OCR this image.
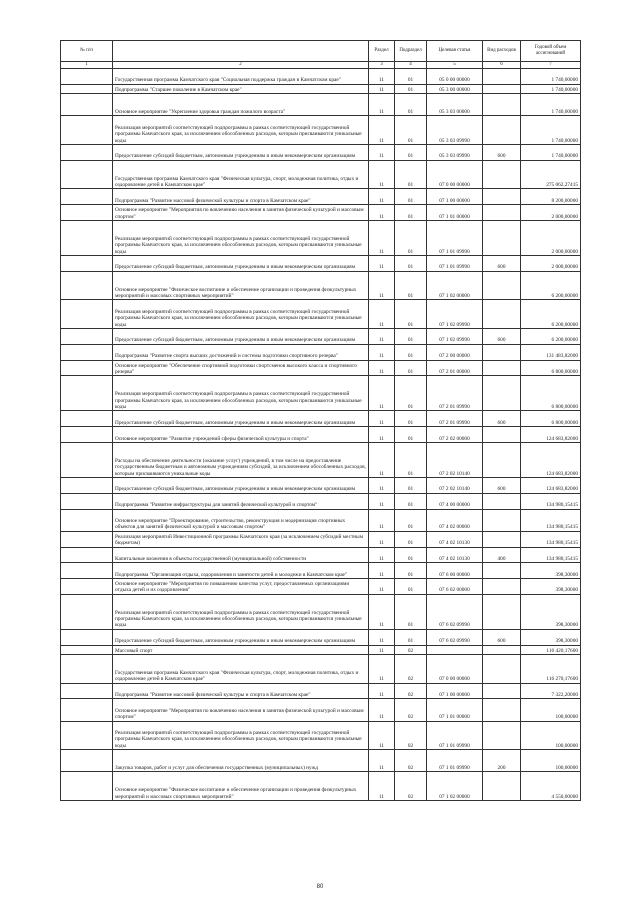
№ п/п		Раздел	Подраздел	Целевая статья	Вид расходов	Годовой объем ассигнований
1	2	3	4	5	6	7
	Государственная программа Камчатского края "Социальная поддержка граждан в Камчатском крае"	11	01	05 0 00 00000		1 740,00000
	Подпрограмма "Старшее поколение в Камчатском крае"	11	01	05 3 00 00000		1 740,00000
	Основное мероприятие "Укрепление здоровья граждан пожилого возраста"	11	01	05 3 03 00000		1 740,00000
	Реализация мероприятий соответствующей подпрограммы в рамках соответствующей государственной программы Камчатского края, за исключением обособленных расходов, которым присваиваются уникальные коды	11	01	05 3 03 09990		1 740,00000
	Предоставление субсидий бюджетным, автономным учреждениям и иным некоммерческим организациям	11	01	05 3 03 09990	600	1 740,00000
	Государственная программа Камчатского края "Физическая культура, спорт, молодежная политика, отдых и оздоровление детей в Камчатском крае"	11	01	07 0 00 00000		275 062,27415
	Подпрограмма "Развитие массовой физической культуры и спорта в Камчатском крае"	11	01	07 1 00 00000		8 200,00000
	Основное мероприятие "Мероприятия по вовлечению населения в занятия физической культурой и массовым спортом"	11	01	07 1 01 00000		2 000,00000
	Реализация мероприятий соответствующей подпрограммы в рамках соответствующей государственной программы Камчатского края, за исключением обособленных расходов, которым присваиваются уникальные коды	11	01	07 1 01 09990		2 000,00000
	Предоставление субсидий бюджетным, автономным учреждениям и иным некоммерческим организациям	11	01	07 1 01 09990	600	2 000,00000
	Основное мероприятие "Физическое воспитание и обеспечение организации и проведения физкультурных мероприятий и массовых спортивных мероприятий"	11	01	07 1 02 00000		6 200,00000
	Реализация мероприятий соответствующей подпрограммы в рамках соответствующей государственной программы Камчатского края, за исключением обособленных расходов, которым присваиваются уникальные коды	11	01	07 1 02 09990		6 200,00000
	Предоставление субсидий бюджетным, автономным учреждениям и иным некоммерческим организациям	11	01	07 1 02 09990	600	6 200,00000
	Подпрограмма "Развитие спорта высших достижений и системы подготовки спортивного резерва"	11	01	07 2 00 00000		131 483,82000
	Основное мероприятие "Обеспечение спортивной подготовки спортсменов высокого класса и спортивного резерва"	11	01	07 2 01 00000		6 800,00000
	Реализация мероприятий соответствующей подпрограммы в рамках соответствующей государственной программы Камчатского края, за исключением обособленных расходов, которым присваиваются уникальные коды	11	01	07 2 01 09990		6 800,00000
	Предоставление субсидий бюджетным, автономным учреждениям и иным некоммерческим организациям	11	01	07 2 01 09990	600	6 800,00000
	Основное мероприятие "Развитие учреждений сферы физической культуры и спорта"	11	01	07 2 02 00000		124 683,82000
	Расходы на обеспечение деятельности (оказание услуг) учреждений, в том числе на предоставление государственным бюджетным и автономным учреждениям субсидий, за исключением обособленных расходов, которым присваиваются уникальные коды	11	01	07 2 02 10140		124 683,82000
	Предоставление субсидий бюджетным, автономным учреждениям и иным некоммерческим организациям	11	01	07 2 02 10140	600	124 683,82000
	Подпрограмма "Развитие инфраструктуры для занятий физической культурой и спортом"	11	01	07 4 00 00000		134 980,15415
	Основное мероприятие "Проектирование, строительство, реконструкция и модернизация спортивных объектов для занятий физической культурой и массовым спортом"	11	01	07 4 02 00000		134 980,15415
	Реализация мероприятий Инвестиционной программы Камчатского края (за исключением субсидий местным бюджетам)	11	01	07 4 02 10130		134 980,15415
	Капитальные вложения в объекты государственной (муниципальной) собственности	11	01	07 4 02 10130	400	134 980,15415
	Подпрограмма "Организация отдыха, оздоровления и занятости детей и молодежи в Камчатском крае"	11	01	07 6 00 00000		398,30000
	Основное мероприятие "Мероприятия по повышению качества услуг, предоставляемых организациями отдыха детей и их оздоровления"	11	01	07 6 02 00000		398,30000
	Реализация мероприятий соответствующей подпрограммы в рамках соответствующей государственной программы Камчатского края, за исключением обособленных расходов, которым присваиваются уникальные коды	11	01	07 6 02 09990		398,30000
	Предоставление субсидий бюджетным, автономным учреждениям и иным некоммерческим организациям	11	01	07 6 02 09990	600	398,30000
	Массовый спорт	11	02			116 420,17600
	Государственная программа Камчатского края "Физическая культура, спорт, молодежная политика, отдых и оздоровление детей в Камчатском крае"	11	02	07 0 00 00000		116 270,17600
	Подпрограмма "Развитие массовой физической культуры и спорта в Камчатском крае"	11	02	07 1 00 00000		7 322,20000
	Основное мероприятие "Мероприятия по вовлечению населения в занятия физической культурой и массовым спортом"	11	02	07 1 01 00000		100,00000
	Реализация мероприятий соответствующей подпрограммы в рамках соответствующей государственной программы Камчатского края, за исключением обособленных расходов, которым присваиваются уникальные коды	11	02	07 1 01 09990		100,00000
	Закупка товаров, работ и услуг для обеспечения государственных (муниципальных) нужд	11	02	07 1 01 09990	200	100,00000
	Основное мероприятие "Физическое воспитание и обеспечение организации и проведения физкультурных мероприятий и массовых спортивных мероприятий"	11	02	07 1 02 00000		4 550,00000
80
